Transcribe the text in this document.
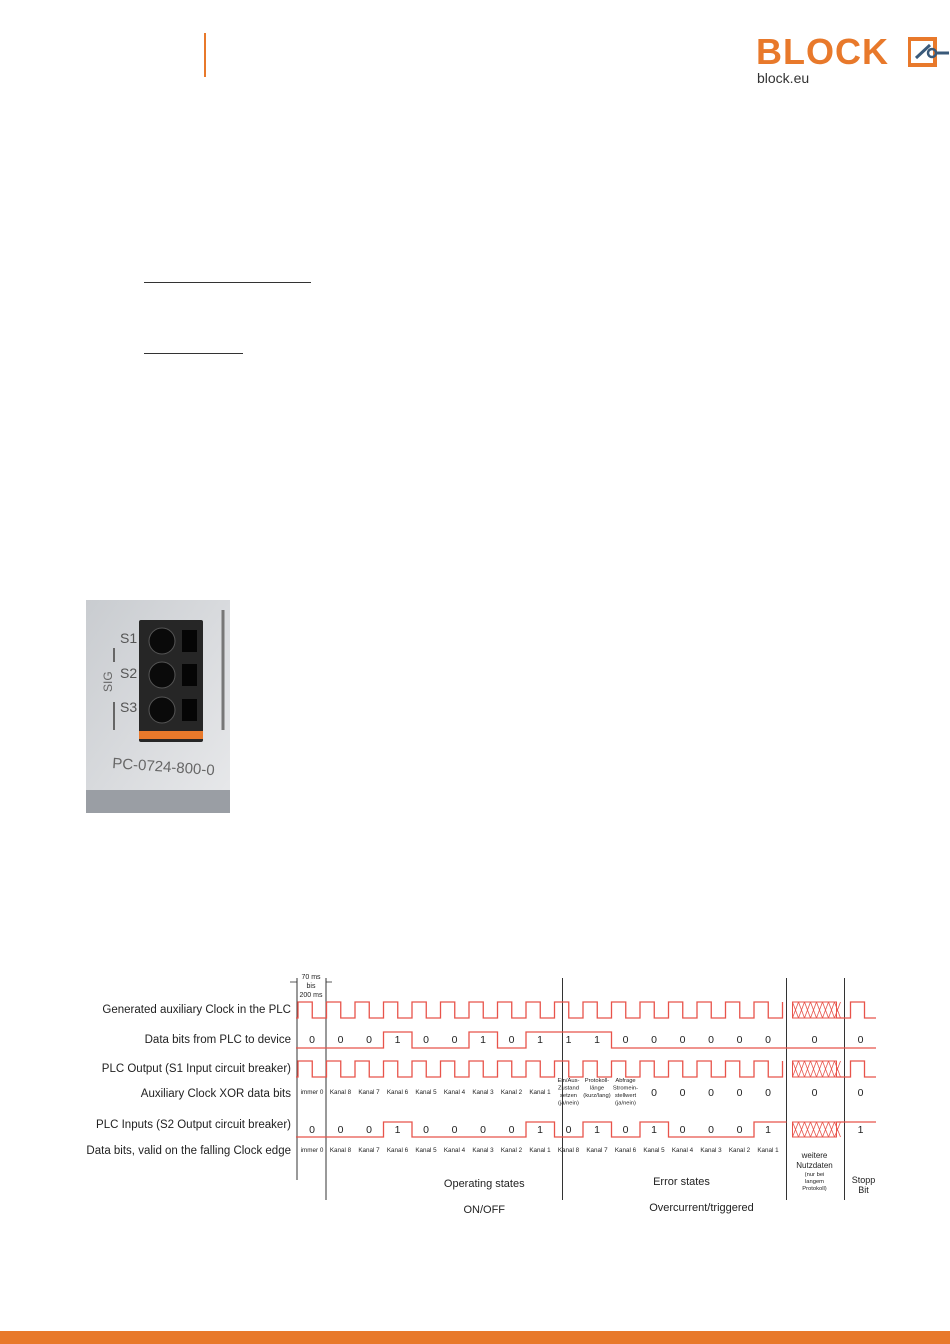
BLOCK
block.eu
S1
S2
S3
SIG
PC-0724-800-0
70 ms
bis
200 ms
Generated auxiliary Clock in the PLC
Data bits from PLC to device
PLC Output (S1 Input circuit breaker)
Auxiliary Clock XOR data bits
PLC Inputs (S2 Output circuit breaker)
Data bits, valid on the falling Clock edge
0 0 0 1 0 0 1 0 1 1 1 0 0 0 0 0 0	0	0
immer 0 Kanal 8 Kanal 7 Kanal 6 Kanal 5 Kanal 4 Kanal 3 Kanal 2 Kanal 1
Ein/Aus-
Zustand
setzen
(ja/nein)
Protokoll-
länge
(kurz/lang)
Abfrage
Stromein-
stellwert
(ja/nein)
0 0 0 0 0	0	0
0 0 0 1 0 0 0 0 1 0 1 0 1 0 0 0 1	1
immer 0 Kanal 8 Kanal 7 Kanal 6 Kanal 5 Kanal 4 Kanal 3 Kanal 2 Kanal 1 Kanal 8 Kanal 7 Kanal 6 Kanal 5 Kanal 4 Kanal 3 Kanal 2 Kanal 1
weitere
Nutzdaten
(nur bei
langem
Protokoll)
Stopp
Bit
Operating states
ON/OFF
Error states
Overcurrent/triggered
